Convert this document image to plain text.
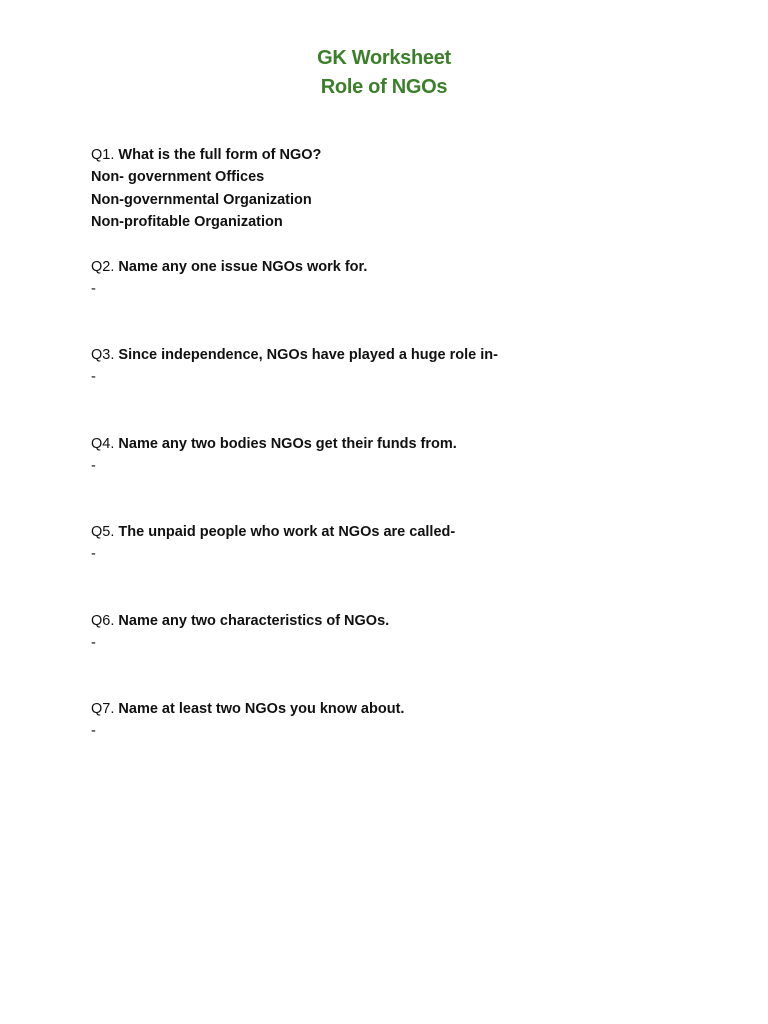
GK Worksheet
Role of NGOs
Q1. What is the full form of NGO?
Non- government Offices
Non-governmental Organization
Non-profitable Organization
Q2. Name any one issue NGOs work for.
-
Q3. Since independence, NGOs have played a huge role in-
-
Q4. Name any two bodies NGOs get their funds from.
-
Q5. The unpaid people who work at NGOs are called-
-
Q6. Name any two characteristics of NGOs.
-
Q7. Name at least two NGOs you know about.
-
